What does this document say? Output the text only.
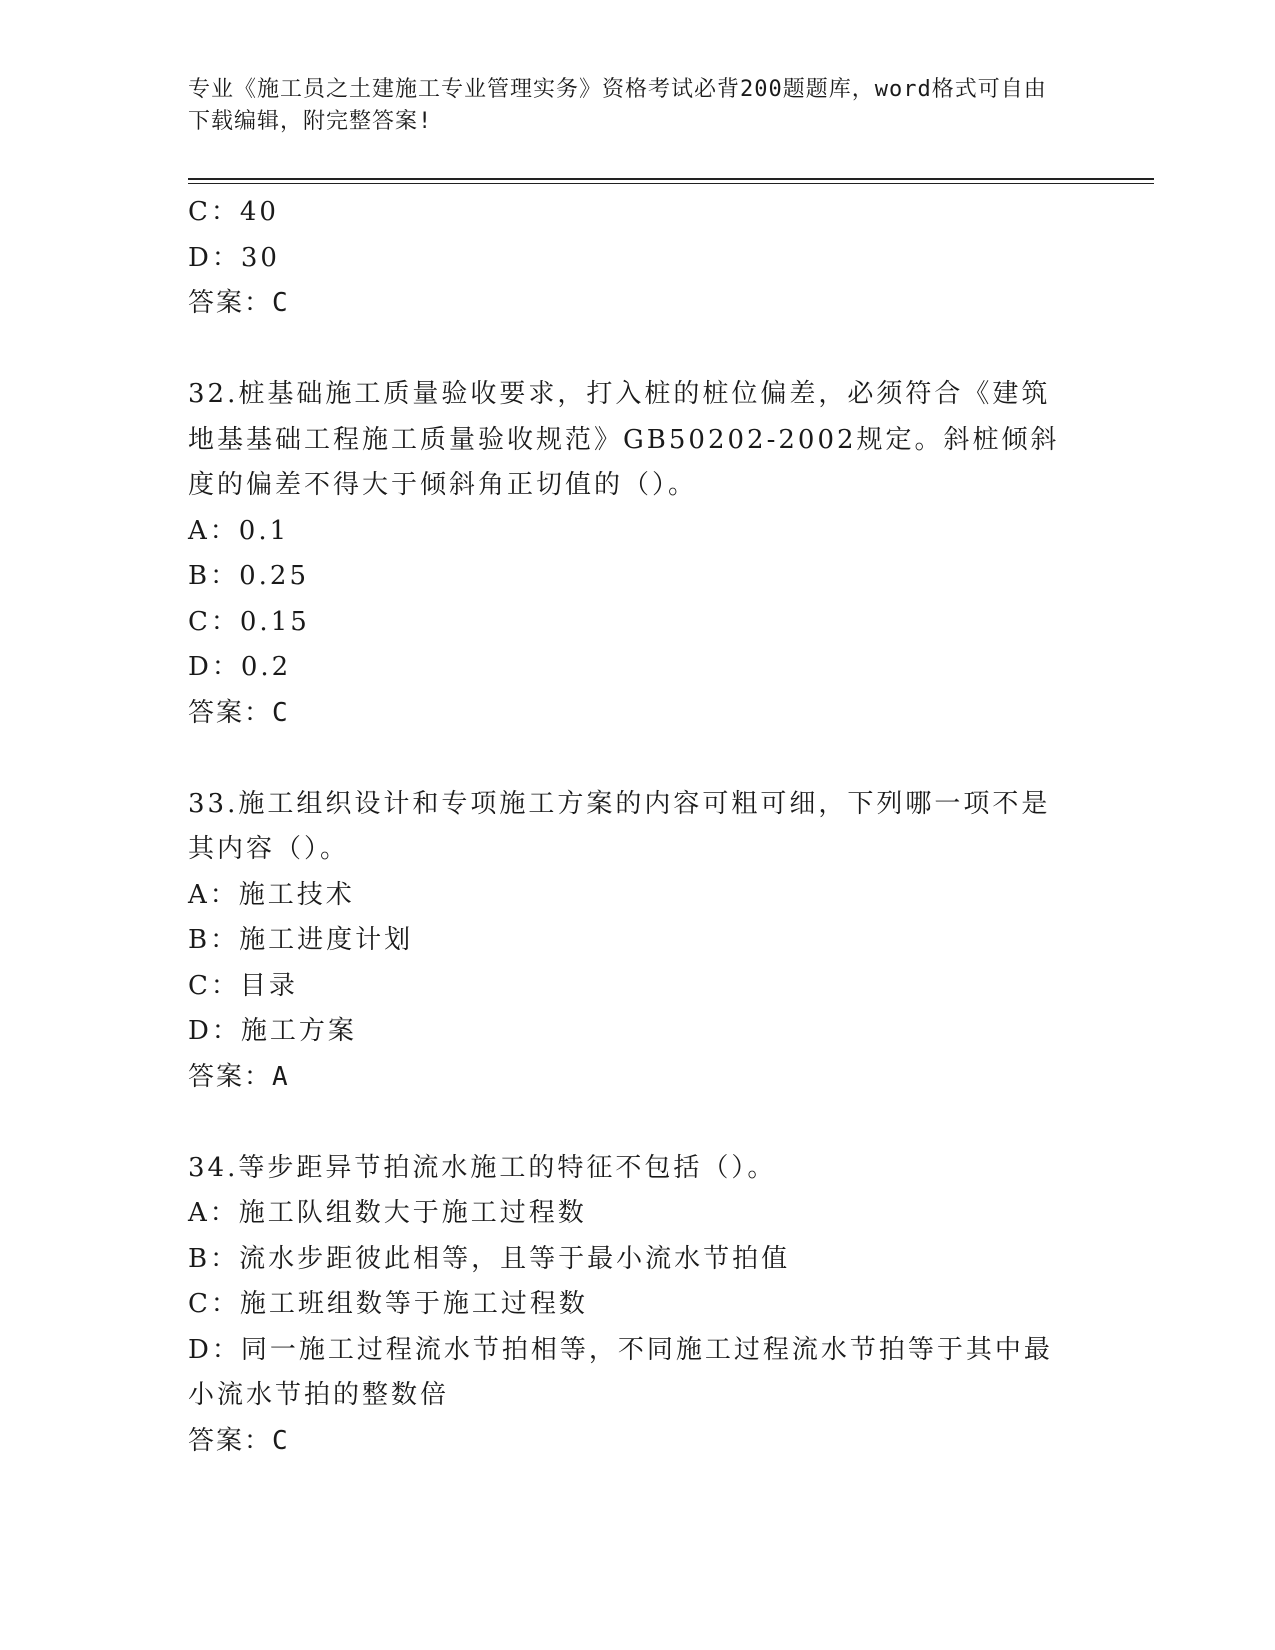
专业《施工员之土建施工专业管理实务》资格考试必背200题题库，word格式可自由下载编辑，附完整答案!
C：40
D：30
答案：C
32.桩基础施工质量验收要求，打入桩的桩位偏差，必须符合《建筑地基基础工程施工质量验收规范》GB50202-2002规定。斜桩倾斜度的偏差不得大于倾斜角正切值的（）。
A：0.1
B：0.25
C：0.15
D：0.2
答案：C
33.施工组织设计和专项施工方案的内容可粗可细，下列哪一项不是其内容（）。
A：施工技术
B：施工进度计划
C：目录
D：施工方案
答案：A
34.等步距异节拍流水施工的特征不包括（）。
A：施工队组数大于施工过程数
B：流水步距彼此相等，且等于最小流水节拍值
C：施工班组数等于施工过程数
D：同一施工过程流水节拍相等，不同施工过程流水节拍等于其中最小流水节拍的整数倍
答案：C
